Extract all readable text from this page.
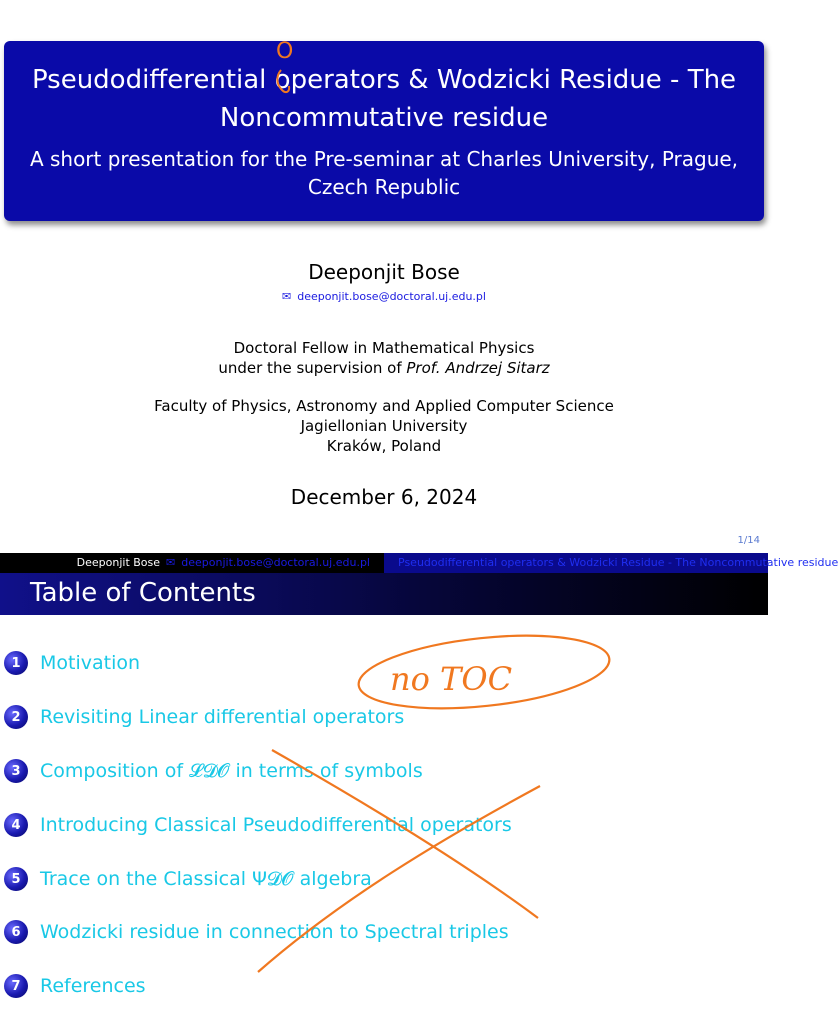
Pseudodifferential operators & Wodzicki Residue - The Noncommutative residue
A short presentation for the Pre-seminar at Charles University, Prague, Czech Republic
Deeponjit Bose
✉ deeponjit.bose@doctoral.uj.edu.pl
Doctoral Fellow in Mathematical Physics
under the supervision of Prof. Andrzej Sitarz
Faculty of Physics, Astronomy and Applied Computer Science
Jagiellonian University
Kraków, Poland
December 6, 2024
1/14
Deeponjit Bose ✉ deeponjit.bose@doctoral.uj.edu.pl	Pseudodifferential operators & Wodzicki Residue - The Noncommutative residue
Table of Contents
1	Motivation
2	Revisiting Linear differential operators
3	Composition of 𝓛𝓓𝓞 in terms of symbols
4	Introducing Classical Pseudodifferential operators
5	Trace on the Classical Ψ𝓓𝓞 algebra
6	Wodzicki residue in connection to Spectral triples
7	References
O
no TOC
